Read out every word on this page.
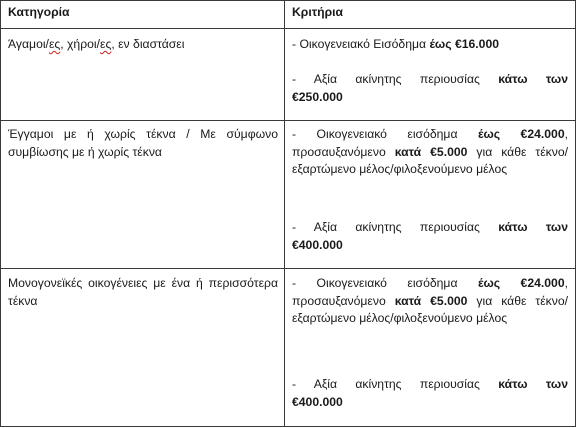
Κατηγορία	Κριτήρια
Άγαμοι/ες, χήροι/ες, εν διαστάσει	- Οικογενειακό Εισόδημα έως €16.000
- Αξία ακίνητης περιουσίας κάτω των
€250.000
Έγγαμοι με ή χωρίς τέκνα / Με σύμφωνο συμβίωσης με ή χωρίς τέκνα
- Οικογενειακό εισόδημα έως €24.000, προσαυξανόμενο κατά €5.000 για κάθε τέκνο/εξαρτώμενο μέλος/φιλοξενούμενο μέλος
- Αξία ακίνητης περιουσίας κάτω των
€400.000
Μονογονεϊκές οικογένειες με ένα ή περισσότερα τέκνα
- Οικογενειακό εισόδημα έως €24.000, προσαυξανόμενο κατά €5.000 για κάθε τέκνο/εξαρτώμενο μέλος/φιλοξενούμενο μέλος
- Αξία ακίνητης περιουσίας κάτω των
€400.000
